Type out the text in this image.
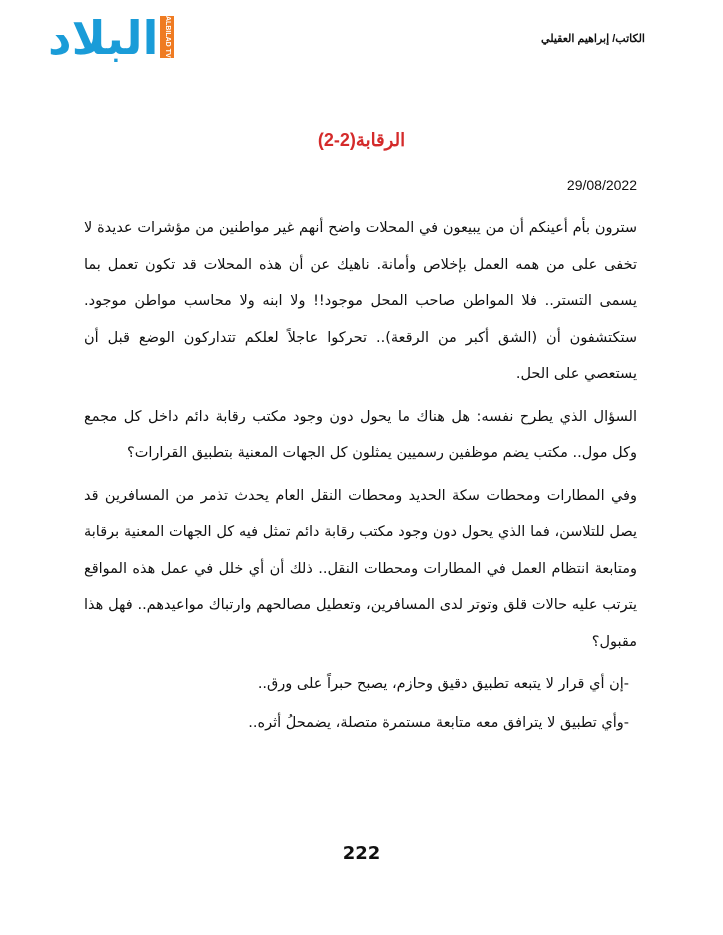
البلاد ALBILAD TV	الكاتب/ إبراهيم العقيلي
الرقابة(2-2)
29/08/2022

سترون بأم أعينكم أن من يبيعون في المحلات واضح أنهم غير مواطنين من مؤشرات عديدة لا تخفى على من همه العمل بإخلاص وأمانة. ناهيك عن أن هذه المحلات قد تكون تعمل بما يسمى التستر.. فلا المواطن صاحب المحل موجود!! ولا ابنه ولا محاسب مواطن موجود. ستكتشفون أن (الشق أكبر من الرقعة).. تحركوا عاجلاً لعلكم تتداركون الوضع قبل أن يستعصي على الحل.

السؤال الذي يطرح نفسه: هل هناك ما يحول دون وجود مكتب رقابة دائم داخل كل مجمع وكل مول.. مكتب يضم موظفين رسميين يمثلون كل الجهات المعنية بتطبيق القرارات؟

وفي المطارات ومحطات سكة الحديد ومحطات النقل العام يحدث تذمر من المسافرين قد يصل للتلاسن، فما الذي يحول دون وجود مكتب رقابة دائم تمثل فيه كل الجهات المعنية برقابة ومتابعة انتظام العمل في المطارات ومحطات النقل.. ذلك أن أي خلل في عمل هذه المواقع يترتب عليه حالات قلق وتوتر لدى المسافرين، وتعطيل مصالحهم وارتباك مواعيدهم.. فهل هذا مقبول؟

-إن أي قرار لا يتبعه تطبيق دقيق وحازم، يصبح حبراً على ورق..

-وأي تطبيق لا يترافق معه متابعة مستمرة متصلة، يضمحلُ أثره..

222
